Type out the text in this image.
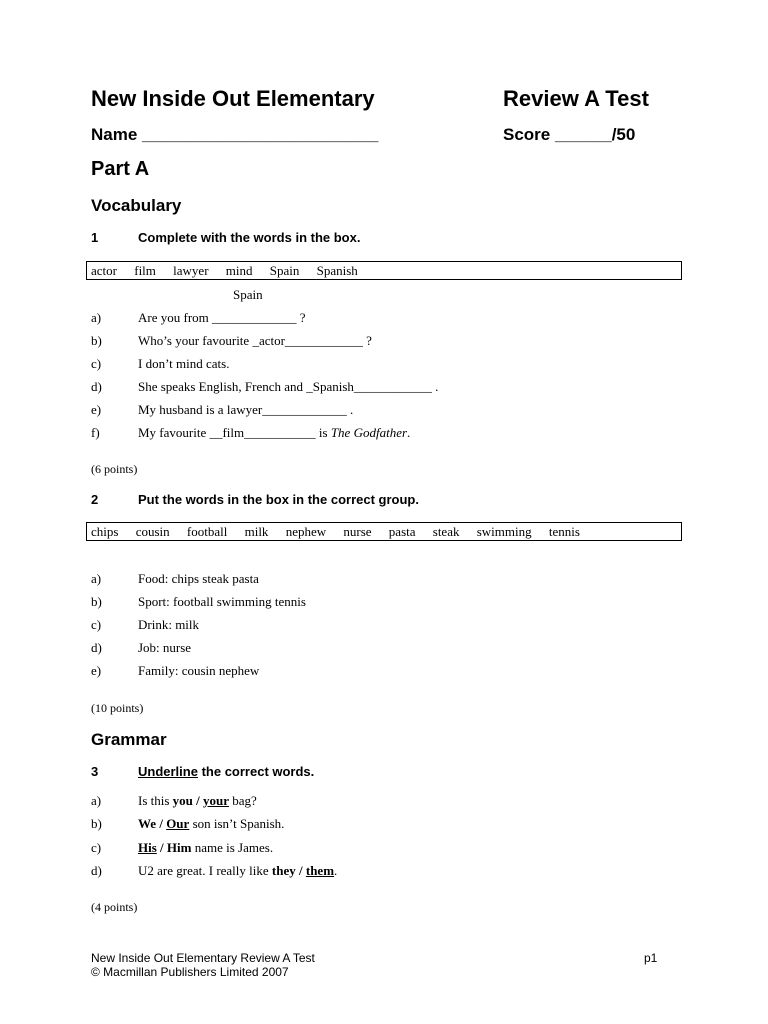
New Inside Out Elementary	Review A Test
Name _________________________	Score ______/50
Part A
Vocabulary
1	Complete with the words in the box.
actor film lawyer mind Spain Spanish
Spain
a)	Are you from _____________ ?
b)	Who’s your favourite _actor____________ ?
c)	I don’t mind cats.
d)	She speaks English, French and _Spanish____________ .
e)	My husband is a lawyer_____________ .
f)	My favourite __film___________ is The Godfather.
(6 points)
2	Put the words in the box in the correct group.
chips cousin football milk nephew nurse pasta steak swimming tennis
a)	Food: chips steak pasta
b)	Sport: football swimming tennis
c)	Drink: milk
d)	Job: nurse
e)	Family: cousin nephew
(10 points)
Grammar
3	Underline the correct words.
a)	Is this you / your bag?
b)	We / Our son isn’t Spanish.
c)	His / Him name is James.
d)	U2 are great. I really like they / them.
(4 points)
New Inside Out Elementary Review A Test
© Macmillan Publishers Limited 2007
p1
